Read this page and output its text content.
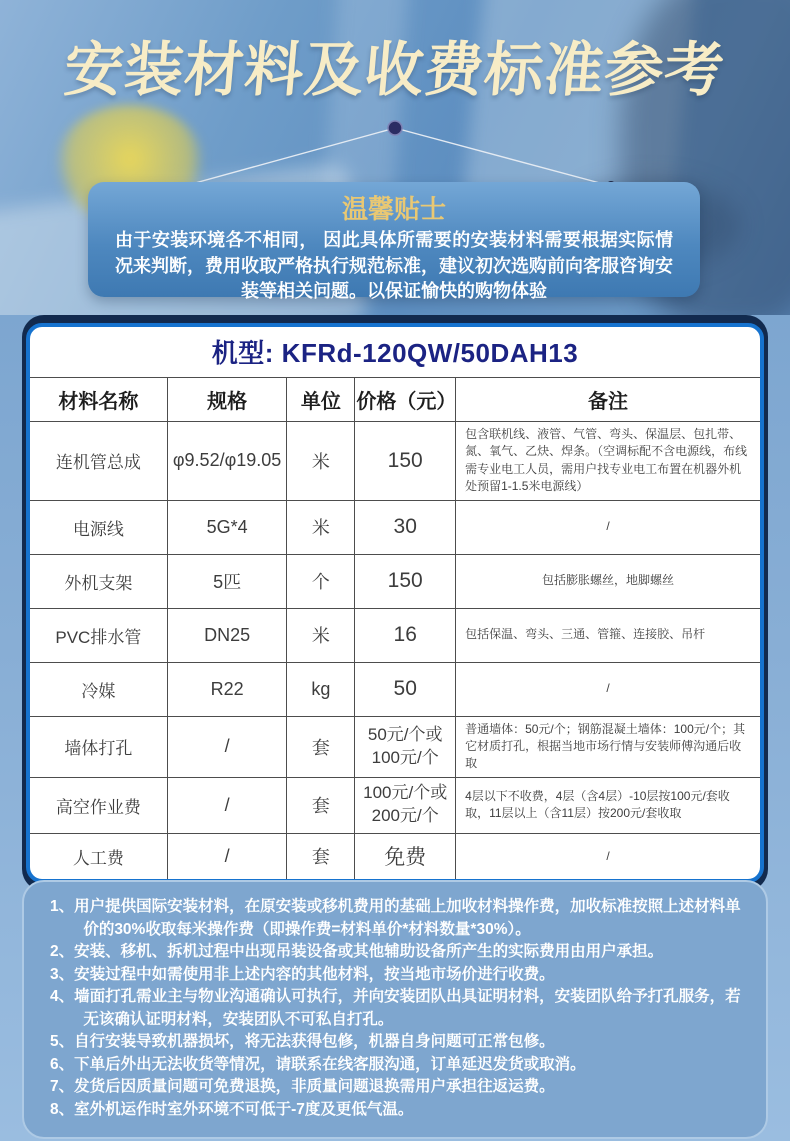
安装材料及收费标准参考
温馨贴士

由于安装环境各不相同， 因此具体所需要的安装材料需要根据实际情况来判断，费用收取严格执行规范标准，建议初次选购前向客服咨询安装等相关问题。以保证愉快的购物体验

机型: KFRd-120QW/50DAH13
材料名称	规格	单位	价格（元）	备注
连机管总成	φ9.52/φ19.05	米	150	包含联机线、液管、气管、弯头、保温层、包扎带、氮、氧气、乙炔、焊条。（空调标配不含电源线，布线需专业电工人员，需用户找专业电工布置在机器外机处预留1-1.5米电源线）
电源线	5G*4	米	30	/
外机支架	5匹	个	150	包括膨胀螺丝，地脚螺丝
PVC排水管	DN25	米	16	包括保温、弯头、三通、管箍、连接胶、吊杆
冷媒	R22	kg	50	/
墙体打孔	/	套	50元/个或100元/个	普通墙体：50元/个；钢筋混凝土墙体：100元/个；其它材质打孔，根据当地市场行情与安装师傅沟通后收取
高空作业费	/	套	100元/个或200元/个	4层以下不收费，4层（含4层）-10层按100元/套收取，11层以上（含11层）按200元/套收取
人工费	/	套	免费	/
1、用户提供国际安装材料，在原安装或移机费用的基础上加收材料操作费，加收标准按照上述材料单价的30%收取每米操作费（即操作费=材料单价*材料数量*30%）。
2、安装、移机、拆机过程中出现吊装设备或其他辅助设备所产生的实际费用由用户承担。
3、安装过程中如需使用非上述内容的其他材料，按当地市场价进行收费。
4、墙面打孔需业主与物业沟通确认可执行，并向安装团队出具证明材料，安装团队给予打孔服务，若无该确认证明材料，安装团队不可私自打孔。
5、自行安装导致机器损坏，将无法获得包修，机器自身问题可正常包修。
6、下单后外出无法收货等情况，请联系在线客服沟通，订单延迟发货或取消。
7、发货后因质量问题可免费退换，非质量问题退换需用户承担往返运费。
8、室外机运作时室外环境不可低于-7度及更低气温。
